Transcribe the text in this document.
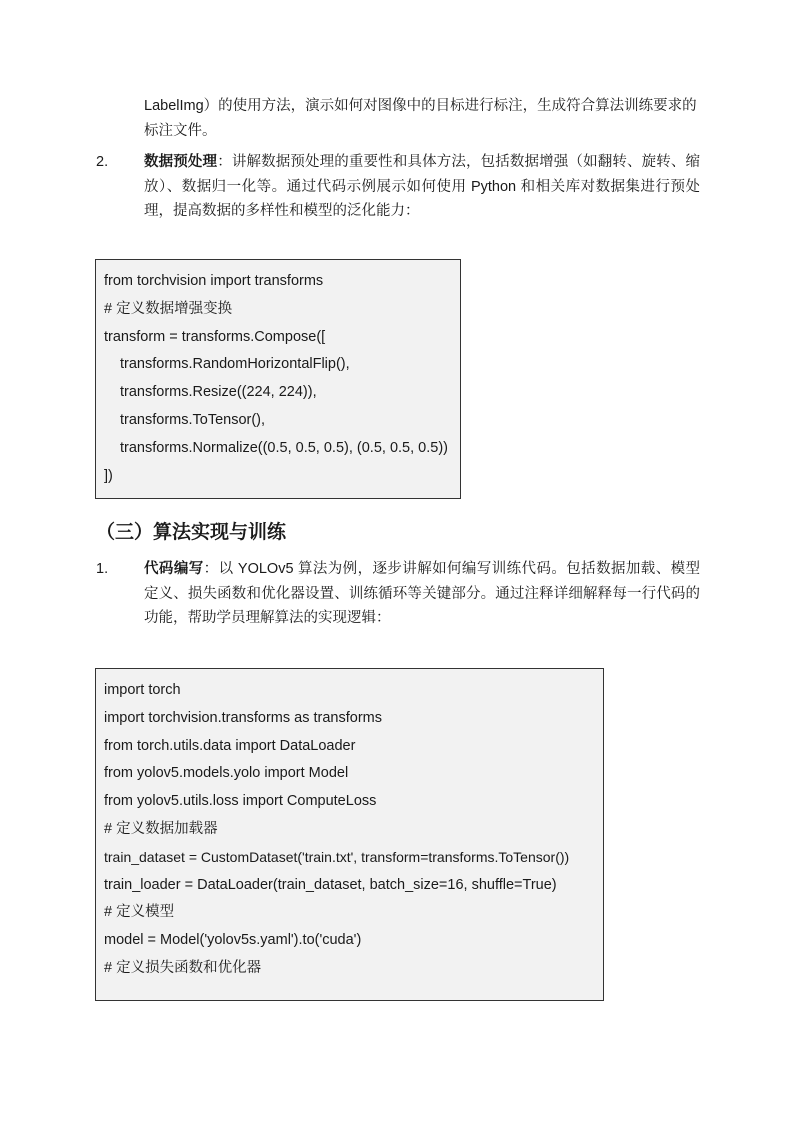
LabelImg）的使用方法，演示如何对图像中的目标进行标注，生成符合算法训练要求的标注文件。
2. 数据预处理：讲解数据预处理的重要性和具体方法，包括数据增强（如翻转、旋转、缩放）、数据归一化等。通过代码示例展示如何使用 Python 和相关库对数据集进行预处理，提高数据的多样性和模型的泛化能力：
from torchvision import transforms
# 定义数据增强变换
transform = transforms.Compose([
transforms.RandomHorizontalFlip(),
transforms.Resize((224, 224)),
transforms.ToTensor(),
transforms.Normalize((0.5, 0.5, 0.5), (0.5, 0.5, 0.5))
])
（三）算法实现与训练
1. 代码编写：以 YOLOv5 算法为例，逐步讲解如何编写训练代码。包括数据加载、模型定义、损失函数和优化器设置、训练循环等关键部分。通过注释详细解释每一行代码的功能，帮助学员理解算法的实现逻辑：
import torch
import torchvision.transforms as transforms
from torch.utils.data import DataLoader
from yolov5.models.yolo import Model
from yolov5.utils.loss import ComputeLoss
# 定义数据加载器
train_dataset = CustomDataset('train.txt', transform=transforms.ToTensor())
train_loader = DataLoader(train_dataset, batch_size=16, shuffle=True)
# 定义模型
model = Model('yolov5s.yaml').to('cuda')
# 定义损失函数和优化器
